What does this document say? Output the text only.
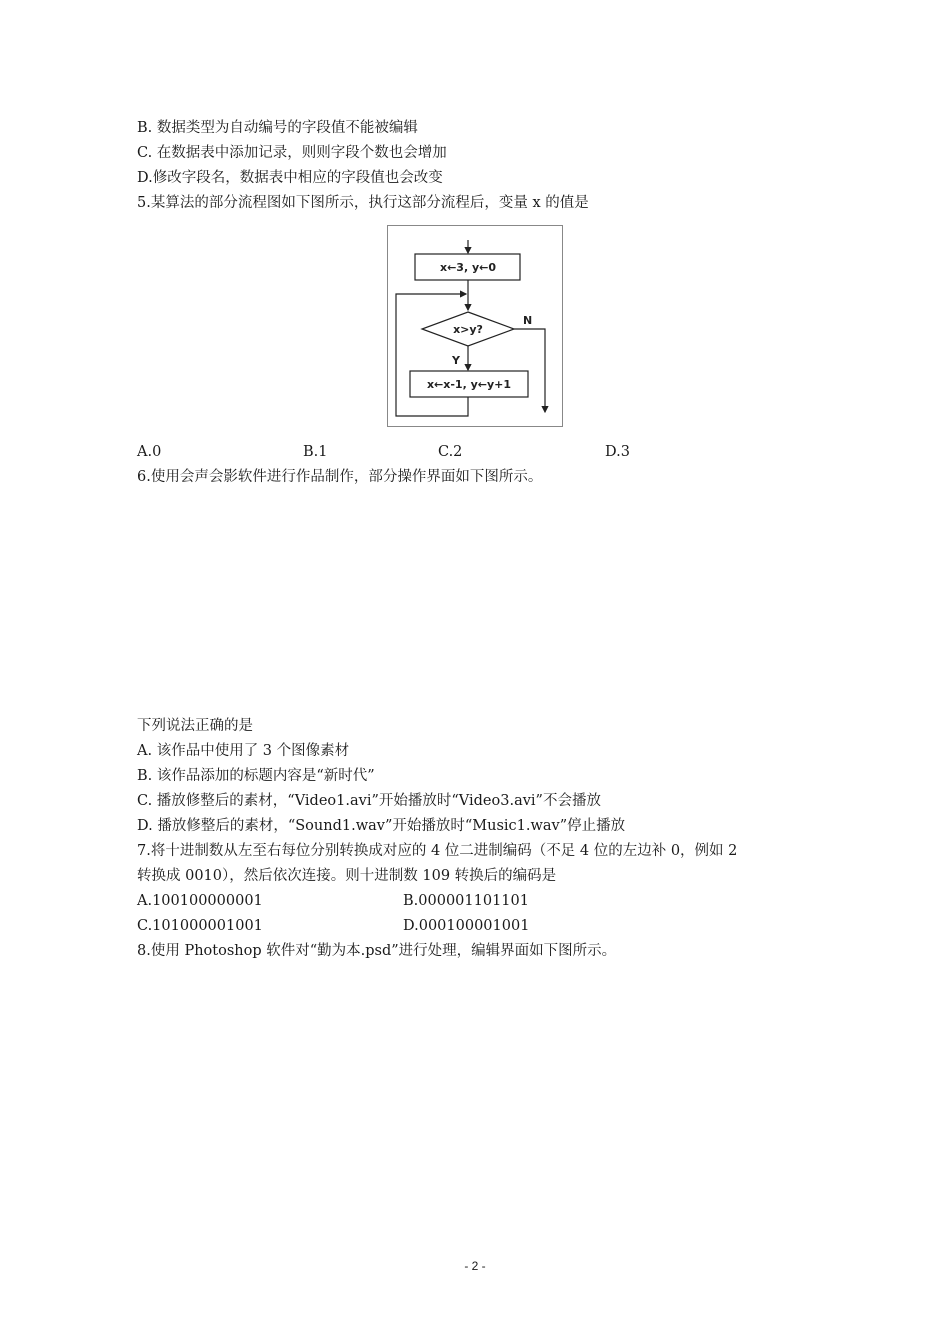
B. 数据类型为自动编号的字段值不能被编辑
C. 在数据表中添加记录，则则字段个数也会增加
D.修改字段名，数据表中相应的字段值也会改变
5.某算法的部分流程图如下图所示，执行这部分流程后，变量 x 的值是
x←3, y←0
x>y?
N
Y
x←x-1, y←y+1
A.0	B.1	C.2	D.3
6.使用会声会影软件进行作品制作，部分操作界面如下图所示。
下列说法正确的是
A. 该作品中使用了 3 个图像素材
B. 该作品添加的标题内容是“新时代”
C. 播放修整后的素材，“Video1.avi”开始播放时“Video3.avi”不会播放
D. 播放修整后的素材，“Sound1.wav”开始播放时“Music1.wav”停止播放
7.将十进制数从左至右每位分别转换成对应的 4 位二进制编码（不足 4 位的左边补 0，例如 2
转换成 0010），然后依次连接。则十进制数 109 转换后的编码是
A.100100000001	B.000001101101
C.101000001001	D.000100001001
8.使用 Photoshop 软件对“勤为本.psd”进行处理，编辑界面如下图所示。
- 2 -
